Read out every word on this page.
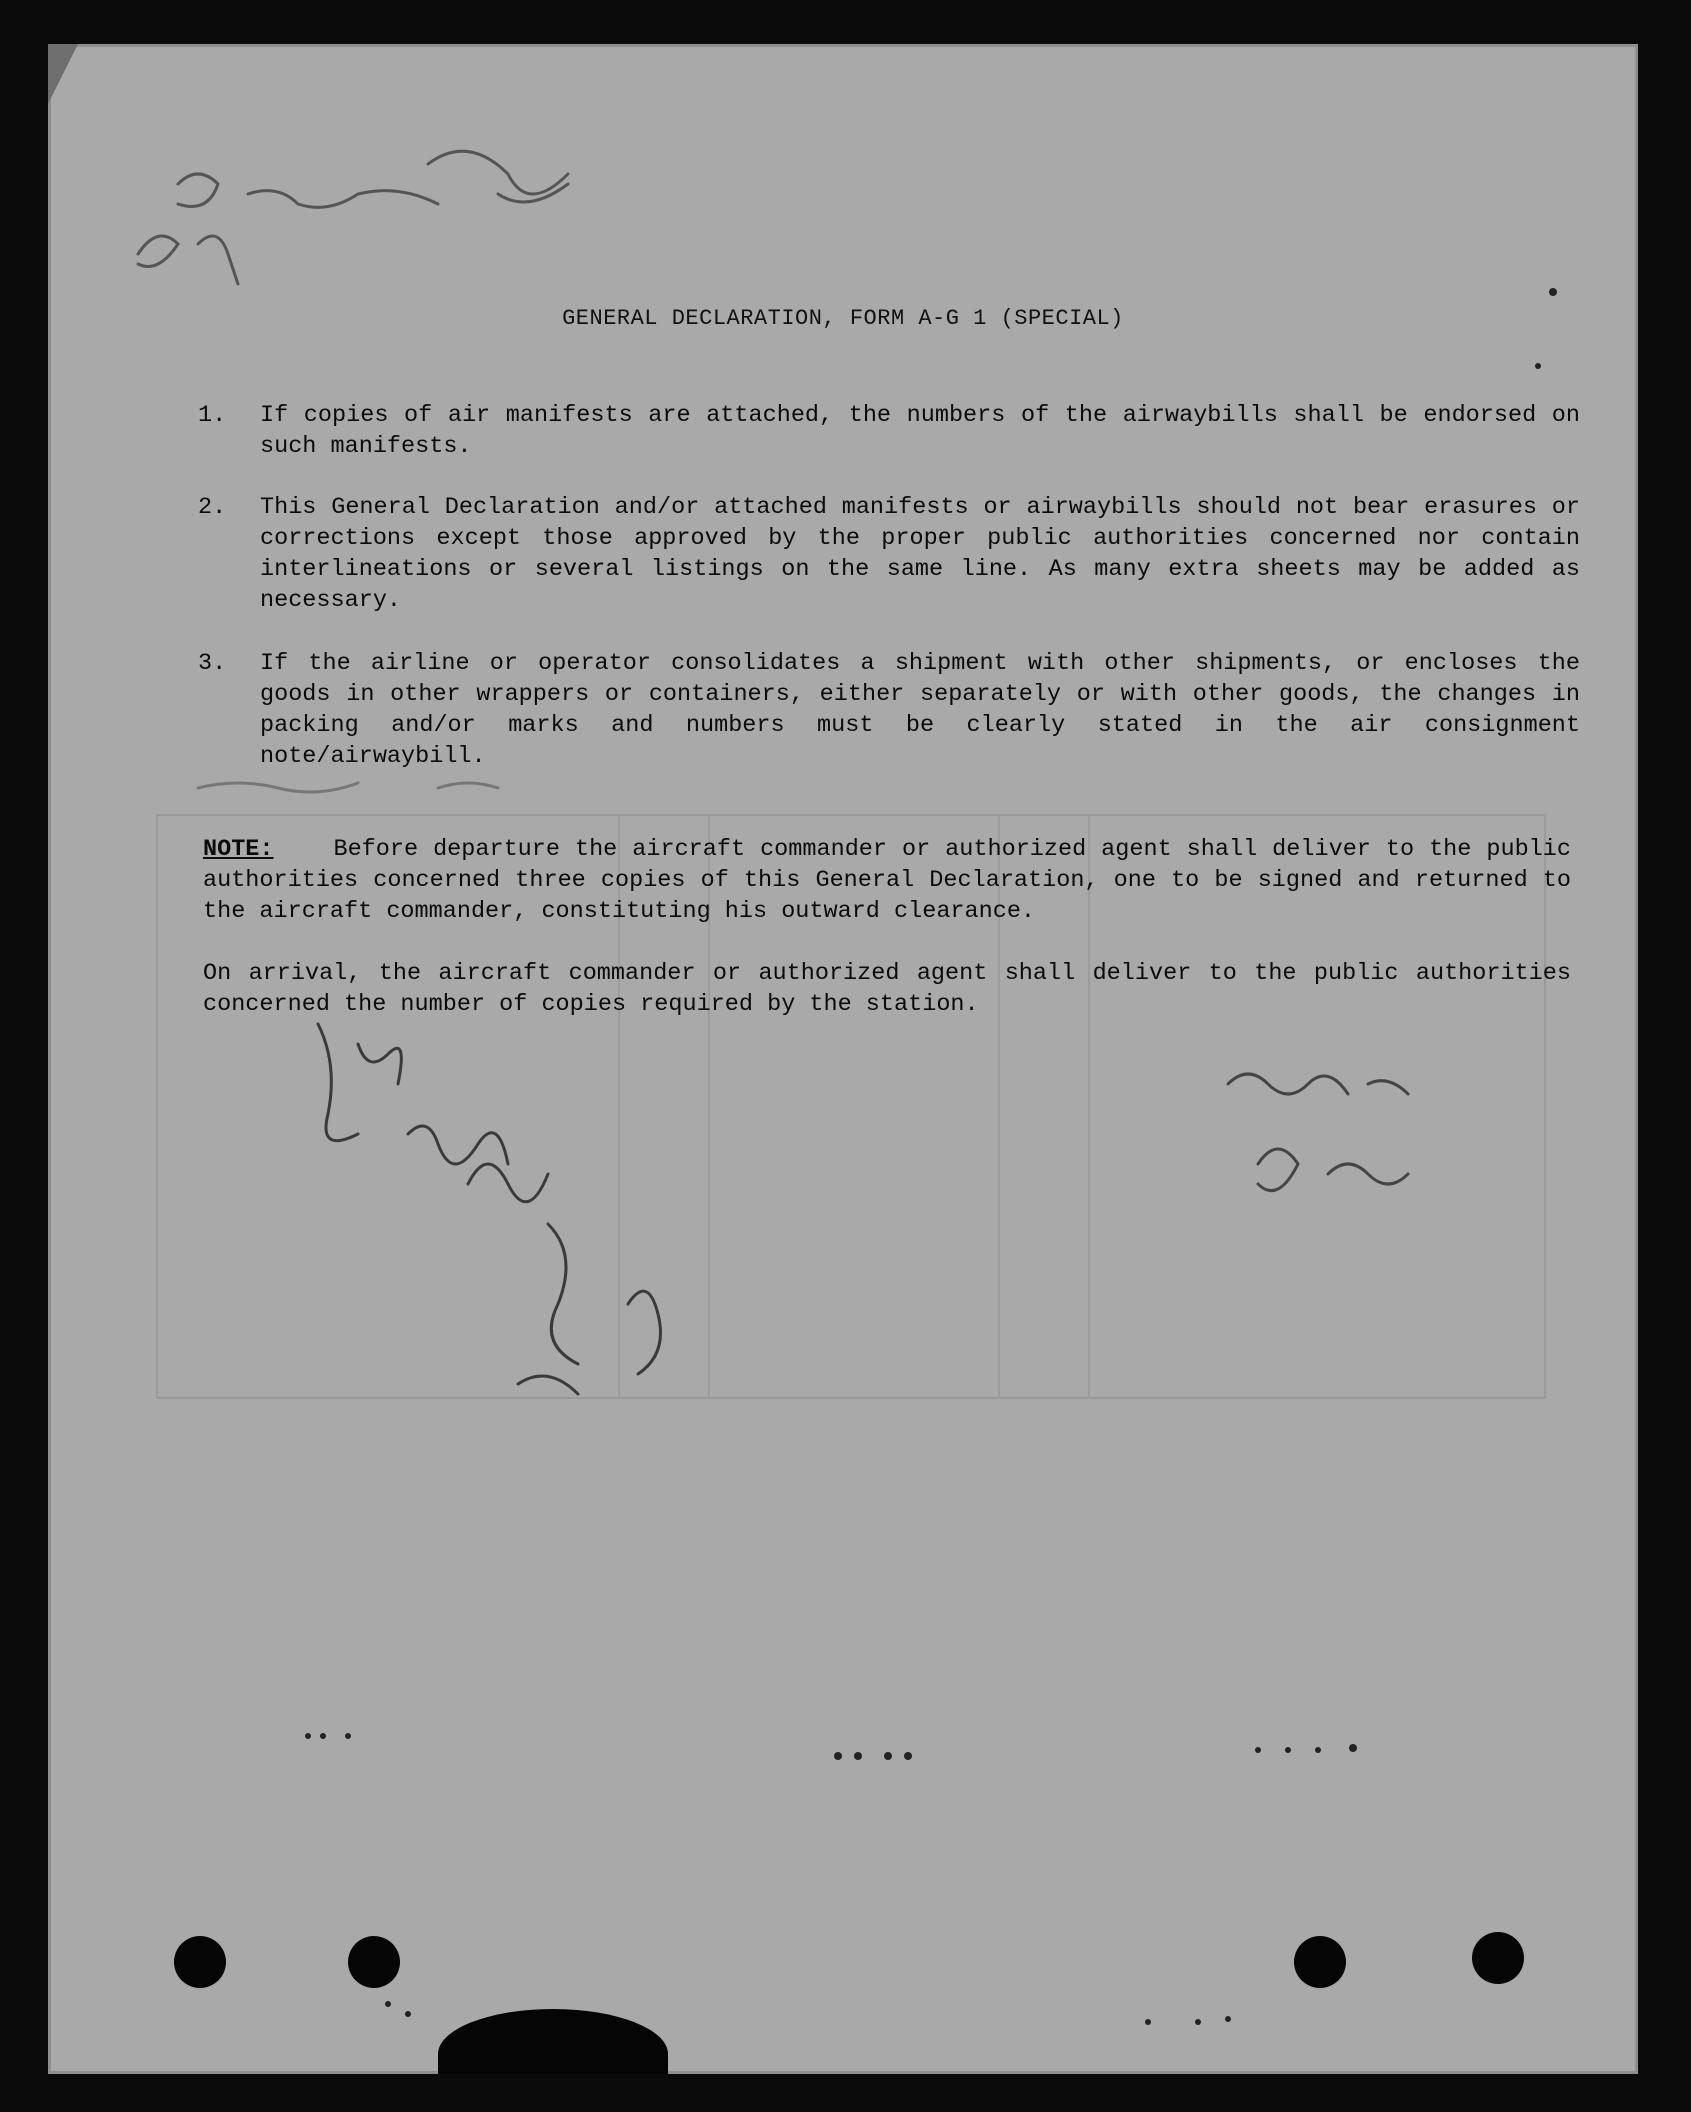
GENERAL DECLARATION, FORM A-G 1 (SPECIAL)
1. If copies of air manifests are attached, the numbers of the airwaybills shall be endorsed on such manifests.

2. This General Declaration and/or attached manifests or airwaybills should not bear erasures or corrections except those approved by the proper public authorities concerned nor contain interlineations or several listings on the same line. As many extra sheets may be added as necessary.

3. If the airline or operator consolidates a shipment with other shipments, or encloses the goods in other wrappers or containers, either separately or with other goods, the changes in packing and/or marks and numbers must be clearly stated in the air consignment note/airwaybill.

NOTE:	Before departure the aircraft commander or authorized agent shall deliver to the public authorities concerned three copies of this General Declaration, one to be signed and returned to the aircraft commander, constituting his outward clearance.

On arrival, the aircraft commander or authorized agent shall deliver to the public authorities concerned the number of copies required by the station.
